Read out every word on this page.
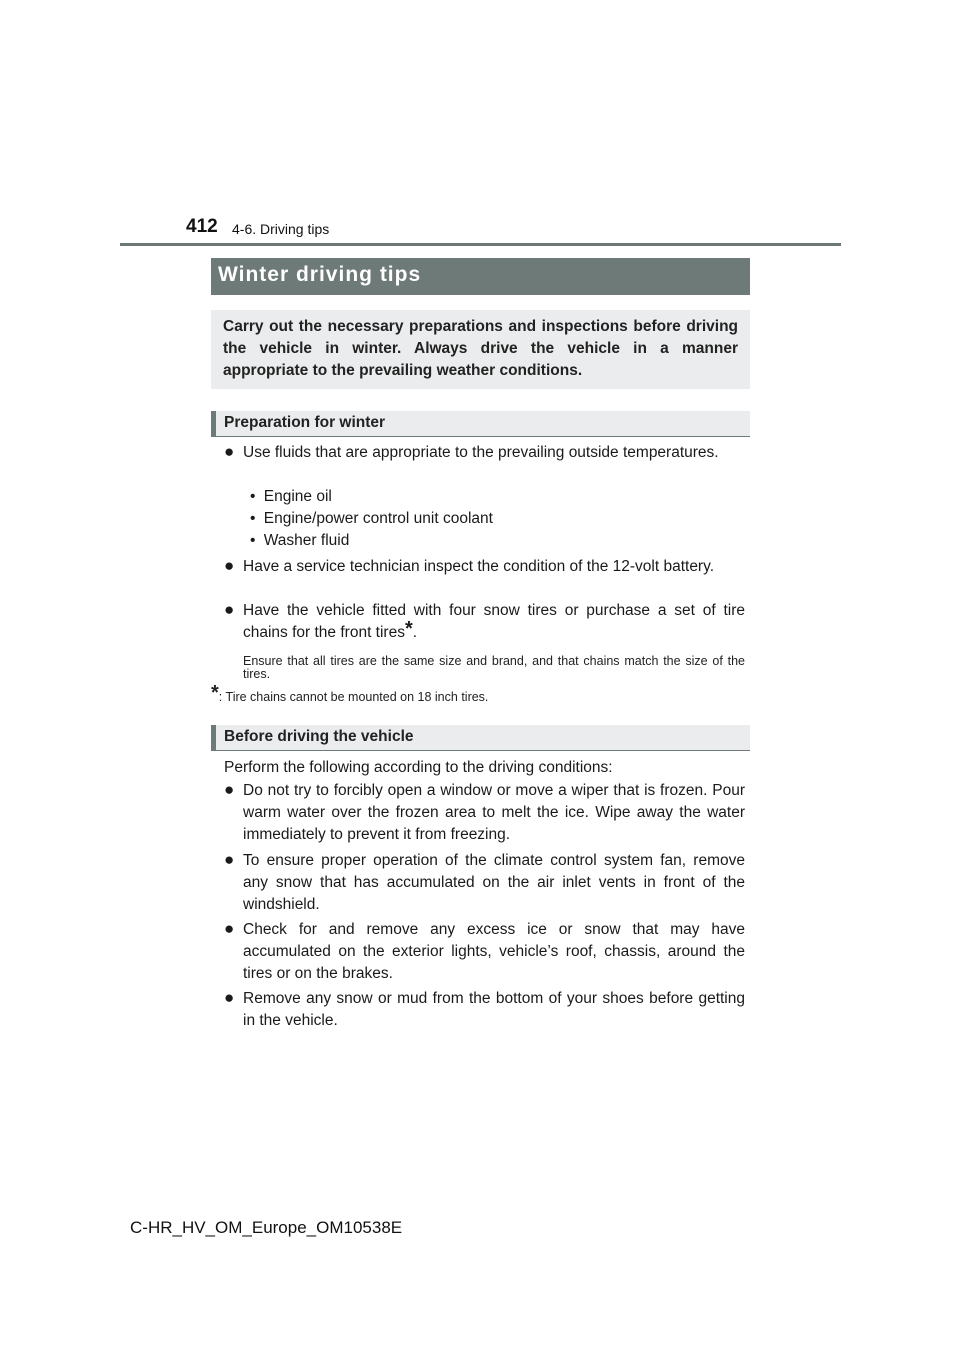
412 4-6. Driving tips
Winter driving tips
Carry out the necessary preparations and inspections before driving the vehicle in winter. Always drive the vehicle in a manner appropriate to the prevailing weather conditions.
Preparation for winter
● Use fluids that are appropriate to the prevailing outside temperatures.
• Engine oil
• Engine/power control unit coolant
• Washer fluid
● Have a service technician inspect the condition of the 12-volt battery.
● Have the vehicle fitted with four snow tires or purchase a set of tire chains for the front tires*.
Ensure that all tires are the same size and brand, and that chains match the size of the tires.
*: Tire chains cannot be mounted on 18 inch tires.
Before driving the vehicle
Perform the following according to the driving conditions:
● Do not try to forcibly open a window or move a wiper that is frozen. Pour warm water over the frozen area to melt the ice. Wipe away the water immediately to prevent it from freezing.
● To ensure proper operation of the climate control system fan, remove any snow that has accumulated on the air inlet vents in front of the windshield.
● Check for and remove any excess ice or snow that may have accumulated on the exterior lights, vehicle’s roof, chassis, around the tires or on the brakes.
● Remove any snow or mud from the bottom of your shoes before getting in the vehicle.
C-HR_HV_OM_Europe_OM10538E
